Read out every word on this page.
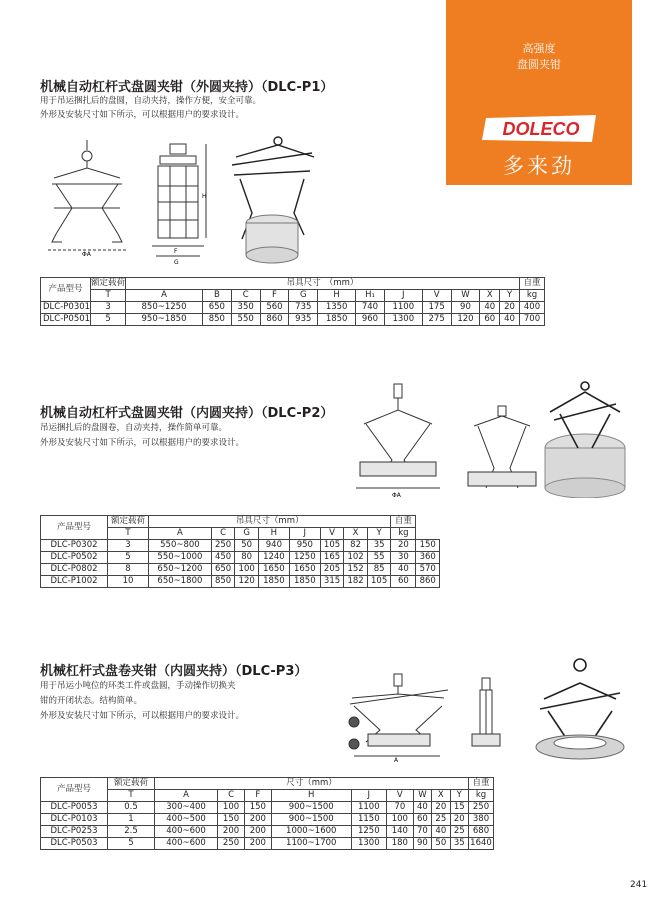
高强度
盘圆夹钳
DOLECO
多来劲
机械自动杠杆式盘圆夹钳（外圆夹持）（DLC-P1）
用于吊运捆扎后的盘圆，自动夹持，操作方便，安全可靠。
外形及安装尺寸如下所示，可以根据用户的要求设计。
ΦA	F
G
H
产品型号	额定载荷	吊具尺寸　（mm）												自重
	T	A	B	C	F	G	H	H₁	J	V	W	X	Y	kg
DLC-P0301	3	850~1250	650	350	560	735	1350	740	1100	175	90	40	20	400
DLC-P0501	5	950~1850	850	550	860	935	1850	960	1300	275	120	60	40	700
机械自动杠杆式盘圆夹钳（内圆夹持）（DLC-P2）
吊运捆扎后的盘圆卷，自动夹持，操作简单可靠。
外形及安装尺寸如下所示，可以根据用户的要求设计。
ΦA
产品型号	额定载荷	吊具尺寸（mm）								自重	
	T	A	C	G	H	J	V	X	Y	kg	
DLC-P0302	3	550~800	250	50	940	950	105	82	35	20	150
DLC-P0502	5	550~1000	450	80	1240	1250	165	102	55	30	360
DLC-P0802	8	650~1200	650	100	1650	1650	205	152	85	40	570
DLC-P1002	10	650~1800	850	120	1850	1850	315	182	105	60	860
机械杠杆式盘卷夹钳（内圆夹持）（DLC-P3）
用于吊运小吨位的环类工件或盘圆，手动操作切换夹
钳的开闭状态。结构简单。
外形及安装尺寸如下所示，可以根据用户的要求设计。
A
产品型号	额定载荷	尺寸（mm）									自重
	T	A	C	F	H	J	V	W	X	Y	kg
DLC-P0053	0.5	300~400	100	150	900~1500	1100	70	40	20	15	250
DLC-P0103	1	400~500	150	200	900~1500	1150	100	60	25	20	380
DLC-P0253	2.5	400~600	200	200	1000~1600	1250	140	70	40	25	680
DLC-P0503	5	400~600	250	200	1100~1700	1300	180	90	50	35	1640
241
